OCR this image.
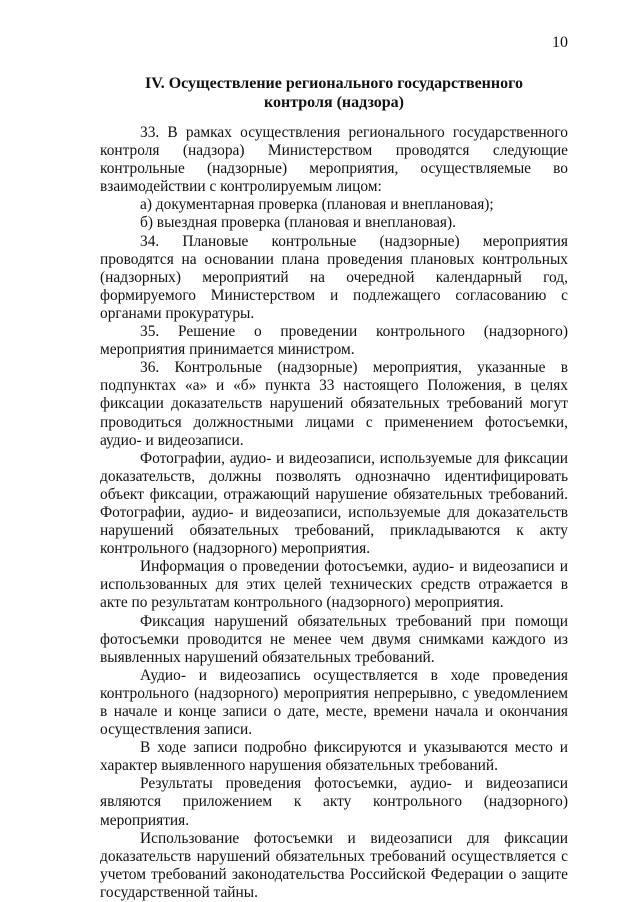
10
IV. Осуществление регионального государственного
контроля (надзора)

33. В рамках осуществления регионального государственного контроля (надзора) Министерством проводятся следующие контрольные (надзорные) мероприятия, осуществляемые во взаимодействии с контролируемым лицом:

а) документарная проверка (плановая и внеплановая);

б) выездная проверка (плановая и внеплановая).

34. Плановые контрольные (надзорные) мероприятия проводятся на основании плана проведения плановых контрольных (надзорных) мероприятий на очередной календарный год, формируемого Министерством и подлежащего согласованию с органами прокуратуры.

35. Решение о проведении контрольного (надзорного) мероприятия принимается министром.

36. Контрольные (надзорные) мероприятия, указанные в подпунктах «а» и «б» пункта 33 настоящего Положения, в целях фиксации доказательств нарушений обязательных требований могут проводиться должностными лицами с применением фотосъемки, аудио- и видеозаписи.

Фотографии, аудио- и видеозаписи, используемые для фиксации доказательств, должны позволять однозначно идентифицировать объект фиксации, отражающий нарушение обязательных требований. Фотографии, аудио- и видеозаписи, используемые для доказательств нарушений обязательных требований, прикладываются к акту контрольного (надзорного) мероприятия.

Информация о проведении фотосъемки, аудио- и видеозаписи и использованных для этих целей технических средств отражается в акте по результатам контрольного (надзорного) мероприятия.

Фиксация нарушений обязательных требований при помощи фотосъемки проводится не менее чем двумя снимками каждого из выявленных нарушений обязательных требований.

Аудио- и видеозапись осуществляется в ходе проведения контрольного (надзорного) мероприятия непрерывно, с уведомлением в начале и конце записи о дате, месте, времени начала и окончания осуществления записи.

В ходе записи подробно фиксируются и указываются место и характер выявленного нарушения обязательных требований.

Результаты проведения фотосъемки, аудио- и видеозаписи являются приложением к акту контрольного (надзорного) мероприятия.

Использование фотосъемки и видеозаписи для фиксации доказательств нарушений обязательных требований осуществляется с учетом требований законодательства Российской Федерации о защите государственной тайны.
